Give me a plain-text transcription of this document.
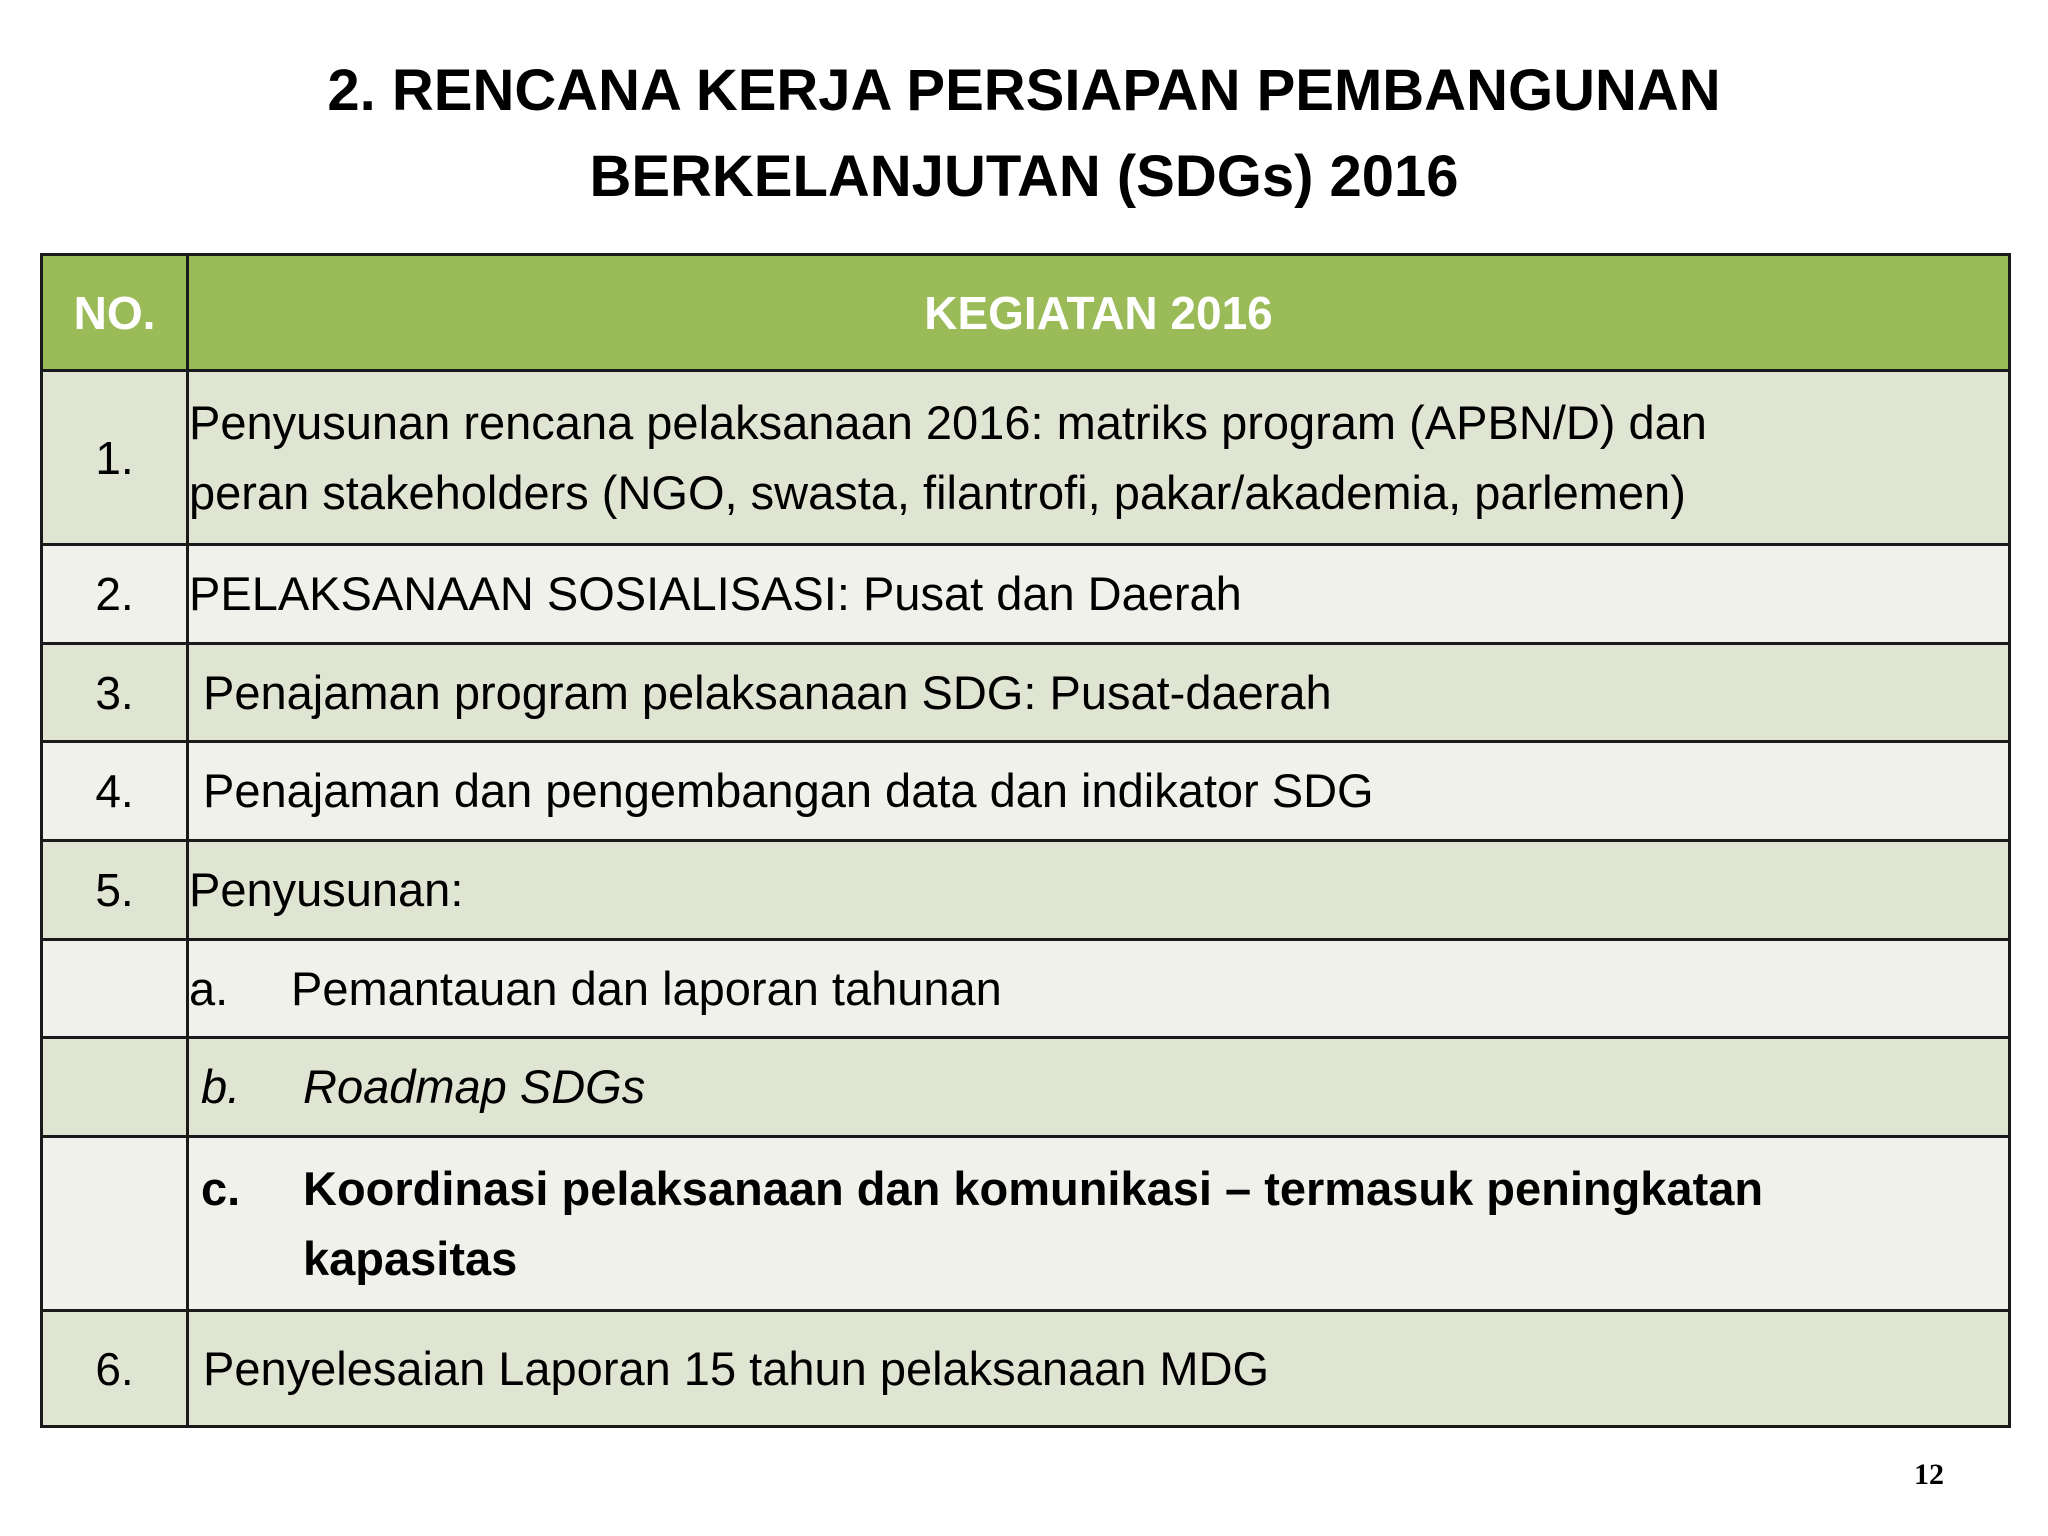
2. RENCANA KERJA PERSIAPAN PEMBANGUNAN
BERKELANJUTAN (SDGs) 2016
NO.	KEGIATAN 2016
1.	Penyusunan rencana pelaksanaan 2016: matriks program (APBN/D) dan
peran stakeholders (NGO, swasta, filantrofi, pakar/akademia, parlemen)

2.	PELAKSANAAN SOSIALISASI: Pusat dan Daerah
3.	Penajaman program pelaksanaan SDG: Pusat-daerah
4.	Penajaman dan pengembangan data dan indikator SDG
5.	Penyusunan:

	a. Pemantauan dan laporan tahunan

	b. Roadmap SDGs

	c. Koordinasi pelaksanaan dan komunikasi – termasuk peningkatan
kapasitas

6.	Penyelesaian Laporan 15 tahun pelaksanaan MDG
12
